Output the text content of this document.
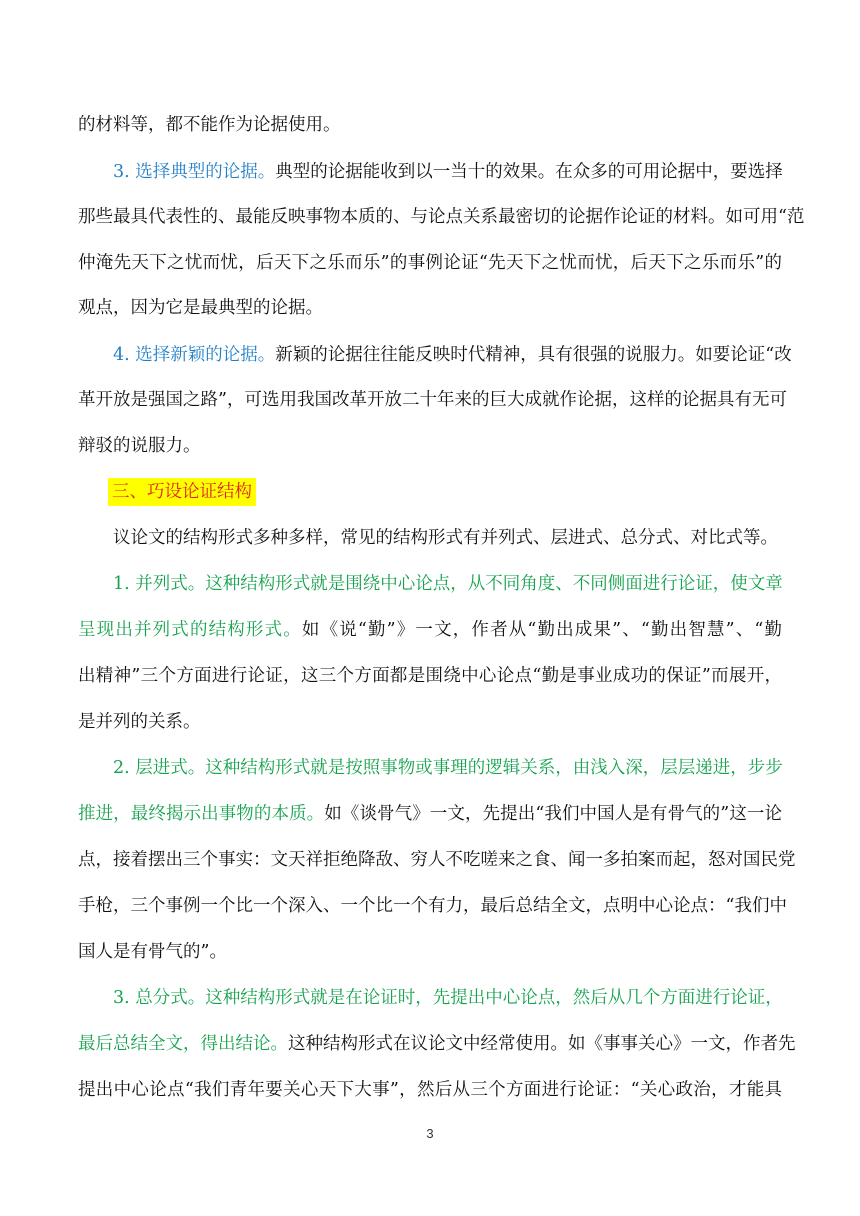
的材料等，都不能作为论据使用。
3. 选择典型的论据。典型的论据能收到以一当十的效果。在众多的可用论据中，要选择
那些最具代表性的、最能反映事物本质的、与论点关系最密切的论据作论证的材料。如可用“范
仲淹先天下之忧而忧，后天下之乐而乐”的事例论证“先天下之忧而忧，后天下之乐而乐”的
观点，因为它是最典型的论据。
4. 选择新颖的论据。新颖的论据往往能反映时代精神，具有很强的说服力。如要论证“改
革开放是强国之路”，可选用我国改革开放二十年来的巨大成就作论据，这样的论据具有无可
辩驳的说服力。
三、巧设论证结构
议论文的结构形式多种多样，常见的结构形式有并列式、层进式、总分式、对比式等。
1. 并列式。这种结构形式就是围绕中心论点，从不同角度、不同侧面进行论证，使文章
呈现出并列式的结构形式。如《说“勤”》一文，作者从“勤出成果”、“勤出智慧”、“勤
出精神”三个方面进行论证，这三个方面都是围绕中心论点“勤是事业成功的保证”而展开，
是并列的关系。
2. 层进式。这种结构形式就是按照事物或事理的逻辑关系，由浅入深，层层递进，步步
推进，最终揭示出事物的本质。如《谈骨气》一文，先提出“我们中国人是有骨气的”这一论
点，接着摆出三个事实：文天祥拒绝降敌、穷人不吃嗟来之食、闻一多拍案而起，怒对国民党
手枪，三个事例一个比一个深入、一个比一个有力，最后总结全文，点明中心论点：“我们中
国人是有骨气的”。
3. 总分式。这种结构形式就是在论证时，先提出中心论点，然后从几个方面进行论证，
最后总结全文，得出结论。这种结构形式在议论文中经常使用。如《事事关心》一文，作者先
提出中心论点“我们青年要关心天下大事”，然后从三个方面进行论证：“关心政治，才能具
3
